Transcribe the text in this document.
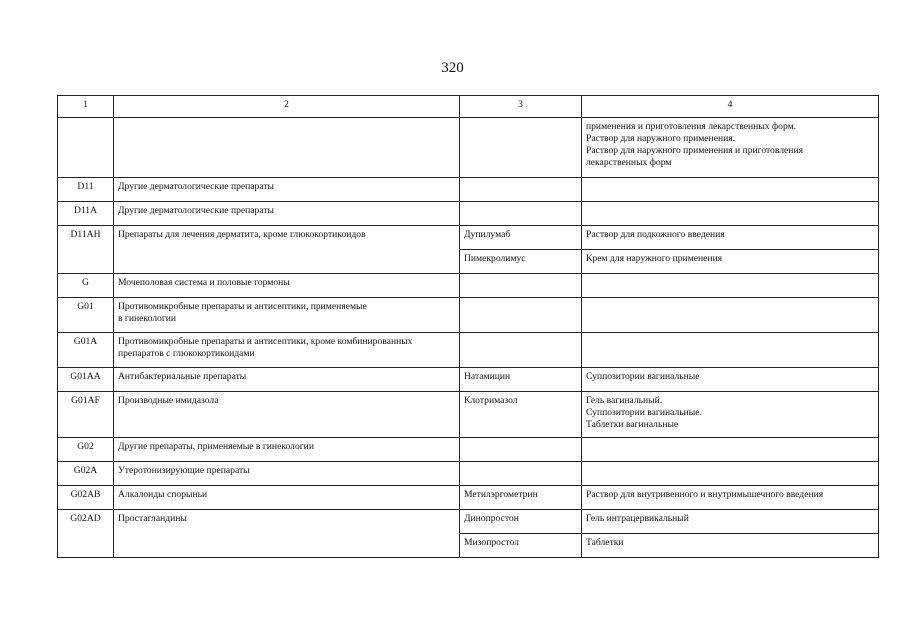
320
1	2	3	4

			применения и приготовления лекарственных форм.
Раствор для наружного применения.
Раствор для наружного применения и приготовления
лекарственных форм

D11	Другие дерматологические препараты		

D11A	Другие дерматологические препараты		

D11AH	Препараты для лечения дерматита, кроме глюкокортикоидов	Дупилумаб	Раствор для подкожного введения

		Пимекролимус	Крем для наружного применения

G	Мочеполовая система и половые гормоны		

G01	Противомикробные препараты и антисептики, применяемые
в гинекологии		

G01A	Противомикробные препараты и антисептики, кроме комбинированных
препаратов с глюкокортикоидами		

G01AA	Антибактериальные препараты	Натамицин	Суппозитории вагинальные

G01AF	Производные имидазола	Клотримазол	Гель вагинальный.
Суппозитории вагинальные.
Таблетки вагинальные

G02	Другие препараты, применяемые в гинекологии		

G02A	Утеротонизирующие препараты		

G02AB	Алкалоиды спорыньи	Метилэргометрин	Раствор для внутривенного и внутримышечного введения

G02AD	Простагландины	Динопростон	Гель интрацервикальный

		Мизопростол	Таблетки
